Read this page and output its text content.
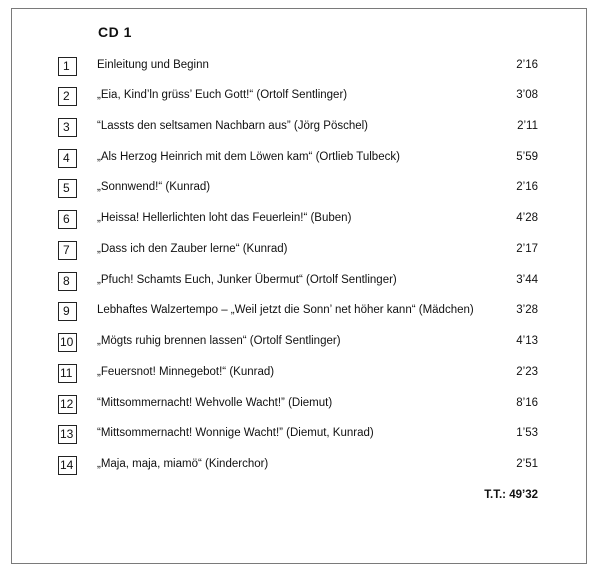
CD 1
1	Einleitung und Beginn	2’16
2	„Eia, Kind’ln grüss’ Euch Gott!“ (Ortolf Sentlinger)	3’08
3	“Lassts den seltsamen Nachbarn aus” (Jörg Pöschel)	2’11
4	„Als Herzog Heinrich mit dem Löwen kam“ (Ortlieb Tulbeck)	5’59
5	„Sonnwend!“ (Kunrad)	2’16
6	„Heissa! Hellerlichten loht das Feuerlein!“ (Buben)	4’28
7	„Dass ich den Zauber lerne“ (Kunrad)	2’17
8	„Pfuch! Schamts Euch, Junker Übermut“ (Ortolf Sentlinger)	3’44
9	Lebhaftes Walzertempo – „Weil jetzt die Sonn’ net höher kann“ (Mädchen)	3’28
10	„Mögts ruhig brennen lassen“ (Ortolf Sentlinger)	4’13
11	„Feuersnot! Minnegebot!“ (Kunrad)	2’23
12	“Mittsommernacht! Wehvolle Wacht!” (Diemut)	8’16
13	“Mittsommernacht! Wonnige Wacht!” (Diemut, Kunrad)	1’53
14	„Maja, maja, miamö“ (Kinderchor)	2’51
T.T.: 49’32
